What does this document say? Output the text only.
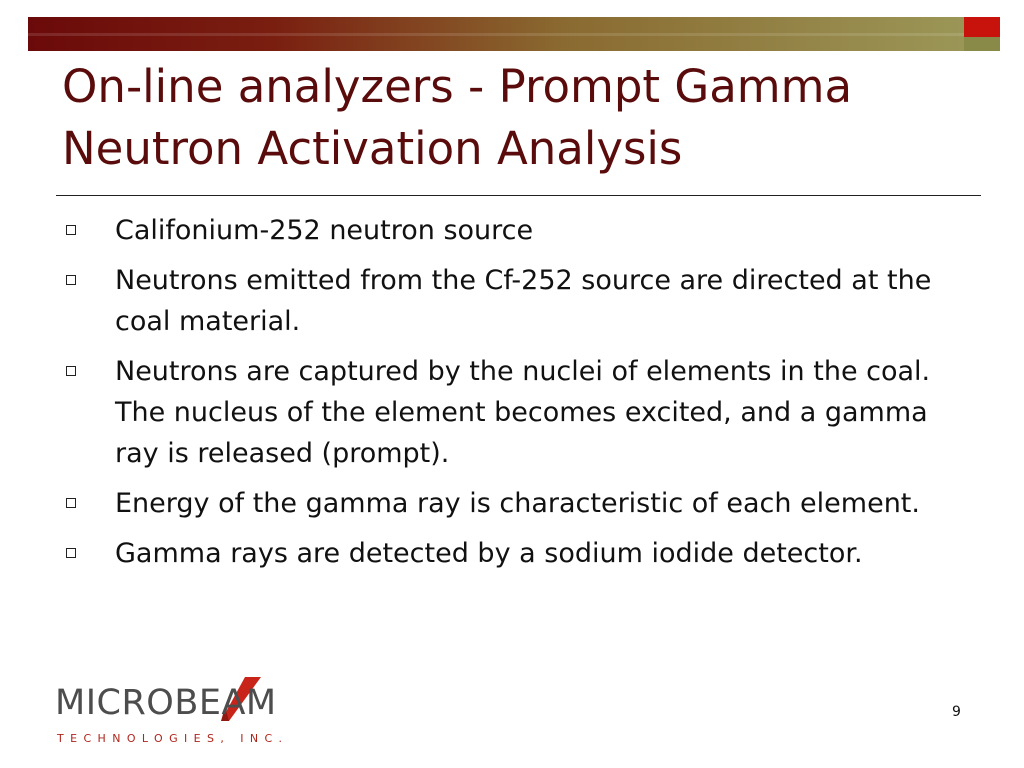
On-line analyzers - Prompt Gamma
Neutron Activation Analysis
Califonium-252 neutron source
Neutrons emitted from the Cf-252 source are directed at the coal material.
Neutrons are captured by the nuclei of elements in the coal. The nucleus of the element becomes excited, and a gamma ray is released (prompt).
Energy of the gamma ray is characteristic of each element.
Gamma rays are detected by a sodium iodide detector.
MICROBEAM
TECHNOLOGIES, INC.
9
